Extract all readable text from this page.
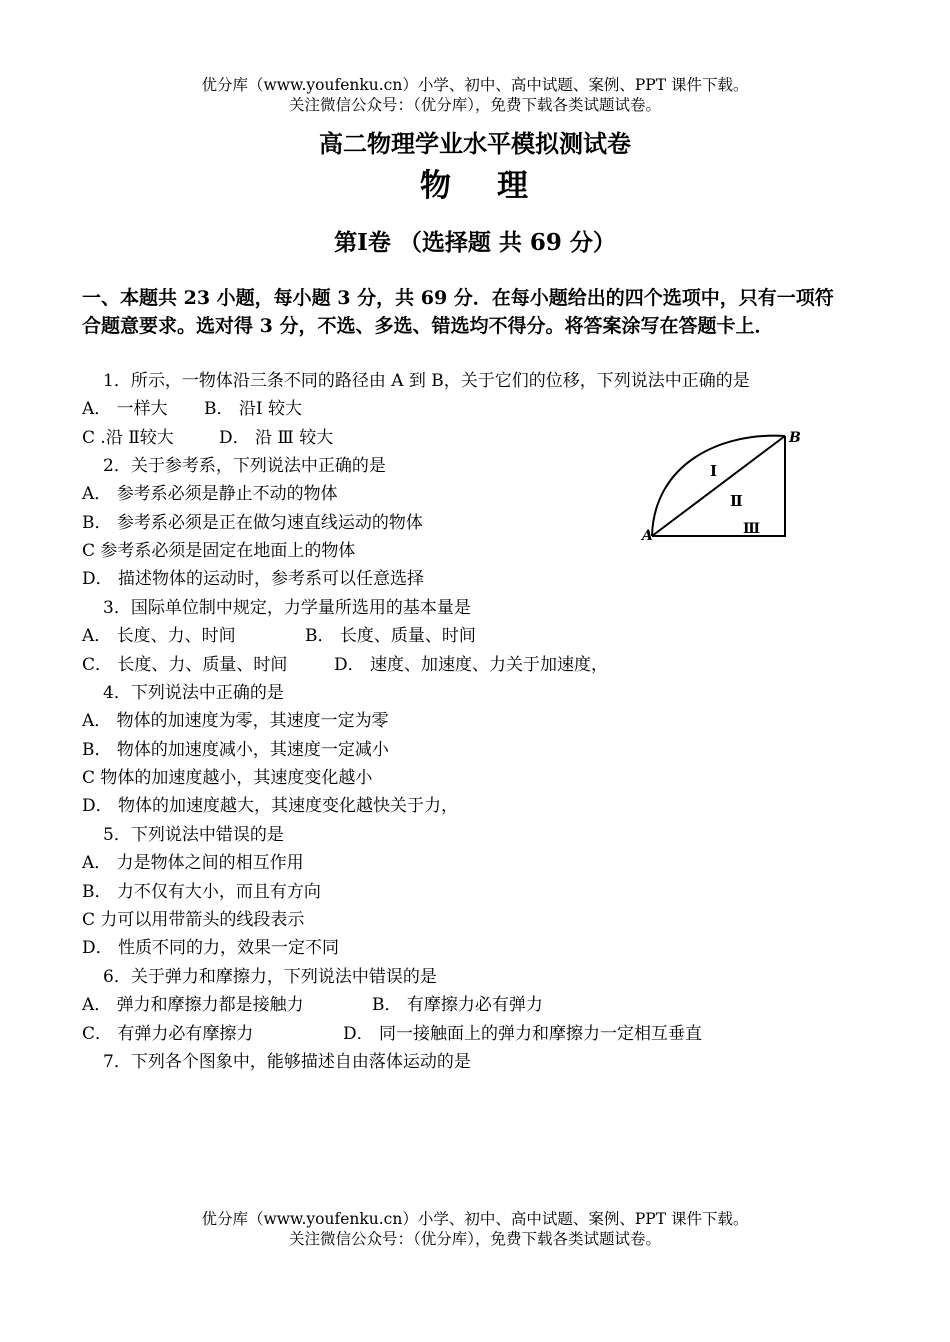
优分库（www.youfenku.cn）小学、初中、高中试题、案例、PPT 课件下载。
关注微信公众号：（优分库），免费下载各类试题试卷。
高二物理学业水平模拟测试卷
物 理
第Ⅰ卷 （选择题 共 69 分）
一、本题共 23 小题，每小题 3 分，共 69 分．在每小题给出的四个选项中，只有一项符合题意要求。选对得 3 分，不选、多选、错选均不得分。将答案涂写在答题卡上．
1．所示，一物体沿三条不同的路径由 A 到 B，关于它们的位移，下列说法中正确的是
A． 一样大 B． 沿Ⅰ 较大
C .沿 Ⅱ较大	D． 沿 Ⅲ 较大
A
B
Ⅰ
Ⅱ
Ⅲ
2．关于参考系，下列说法中正确的是
A． 参考系必须是静止不动的物体
B． 参考系必须是正在做匀速直线运动的物体
C 参考系必须是固定在地面上的物体
D． 描述物体的运动时，参考系可以任意选择
3．国际单位制中规定，力学量所选用的基本量是
A． 长度、力、时间	B． 长度、质量、时间
C． 长度、力、质量、时间	D． 速度、加速度、力关于加速度，
4．下列说法中正确的是
A． 物体的加速度为零，其速度一定为零
B． 物体的加速度减小，其速度一定减小
C 物体的加速度越小，其速度变化越小
D． 物体的加速度越大，其速度变化越快关于力，
5．下列说法中错误的是
A． 力是物体之间的相互作用
B． 力不仅有大小，而且有方向
C 力可以用带箭头的线段表示
D． 性质不同的力，效果一定不同
6．关于弹力和摩擦力，下列说法中错误的是
A． 弹力和摩擦力都是接触力	B． 有摩擦力必有弹力
C． 有弹力必有摩擦力	D． 同一接触面上的弹力和摩擦力一定相互垂直
7．下列各个图象中，能够描述自由落体运动的是
优分库（www.youfenku.cn）小学、初中、高中试题、案例、PPT 课件下载。
关注微信公众号：（优分库），免费下载各类试题试卷。
